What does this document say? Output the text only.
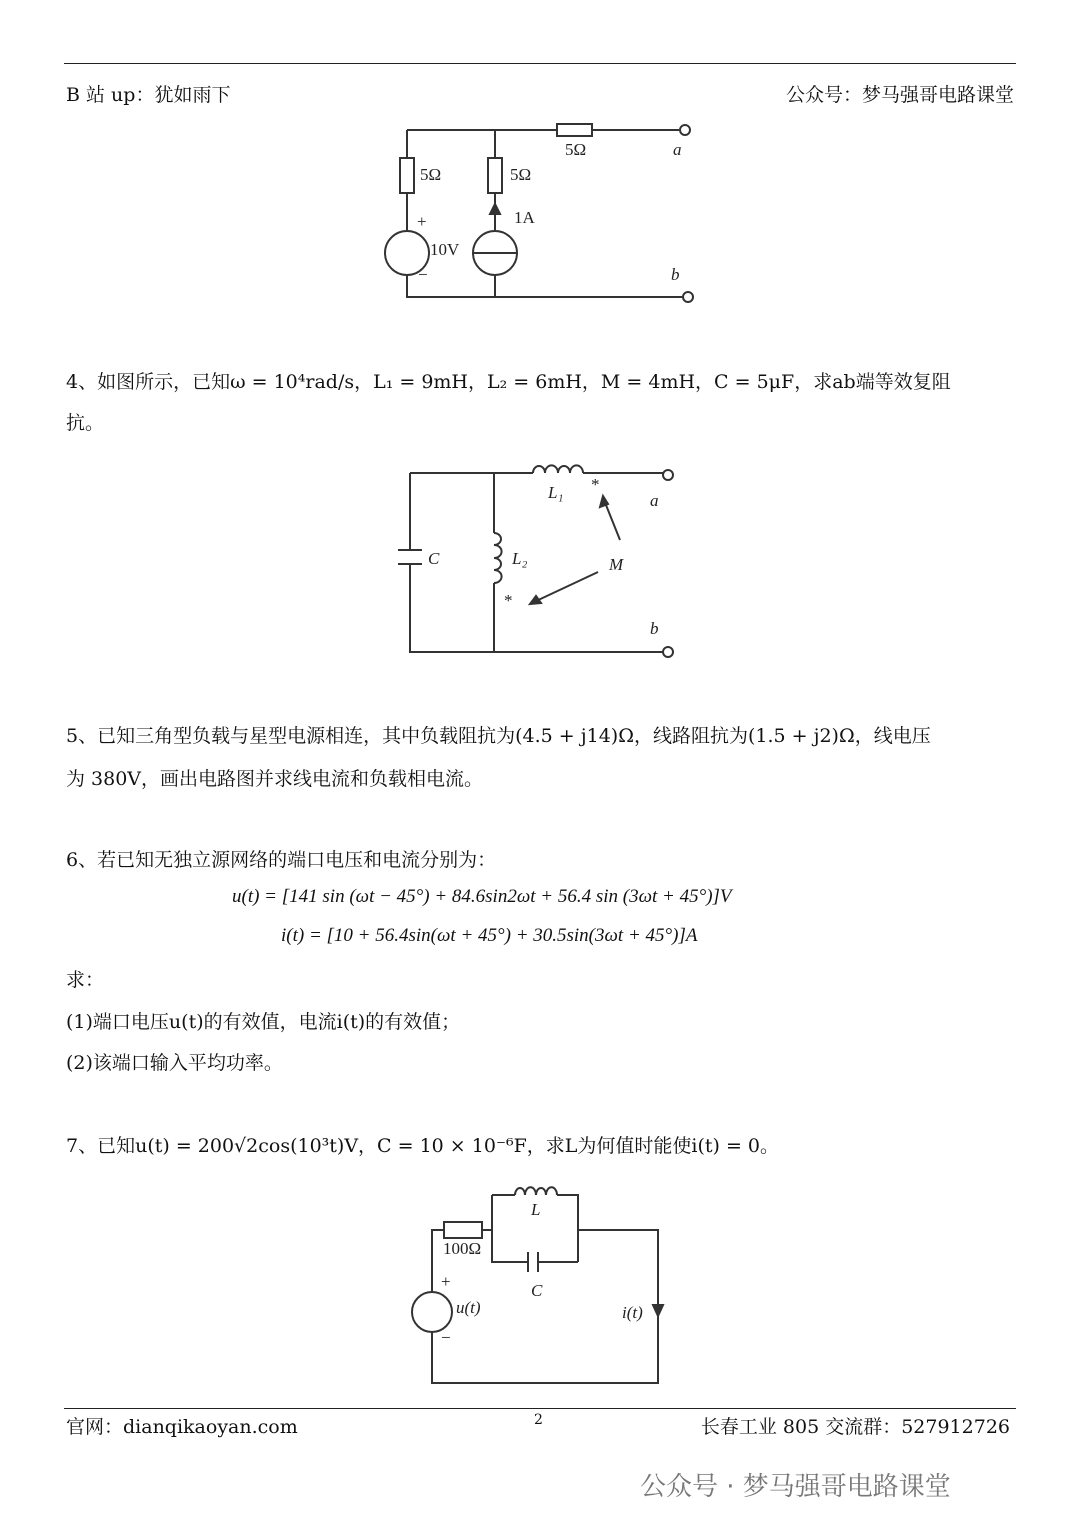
B 站 up：犹如雨下	公众号：梦马强哥电路课堂
5Ω	5Ω
5Ω	a
1A
+
10V
−	b
L₁ *
a
C	L₂	M
*
b
L
100Ω
+
u(t)
−
C
i(t)
4、如图所示，已知ω = 10⁴rad/s，L₁ = 9mH，L₂ = 6mH，M = 4mH，C = 5μF，求ab端等效复阻
抗。
5、已知三角型负载与星型电源相连，其中负载阻抗为(4.5 + j14)Ω，线路阻抗为(1.5 + j2)Ω，线电压
为 380V，画出电路图并求线电流和负载相电流。
6、若已知无独立源网络的端口电压和电流分别为：
u(t) = [141 sin (ωt − 45°) + 84.6sin2ωt + 56.4 sin (3ωt + 45°)]V
i(t) = [10 + 56.4sin(ωt + 45°) + 30.5sin(3ωt + 45°)]A
求：
(1)端口电压u(t)的有效值，电流i(t)的有效值；
(2)该端口输入平均功率。
7、已知u(t) = 200√2cos(10³t)V，C = 10 × 10⁻⁶F，求L为何值时能使i(t) = 0。
官网：dianqikaoyan.com	2	长春工业 805 交流群：527912726
公众号 · 梦马强哥电路课堂
